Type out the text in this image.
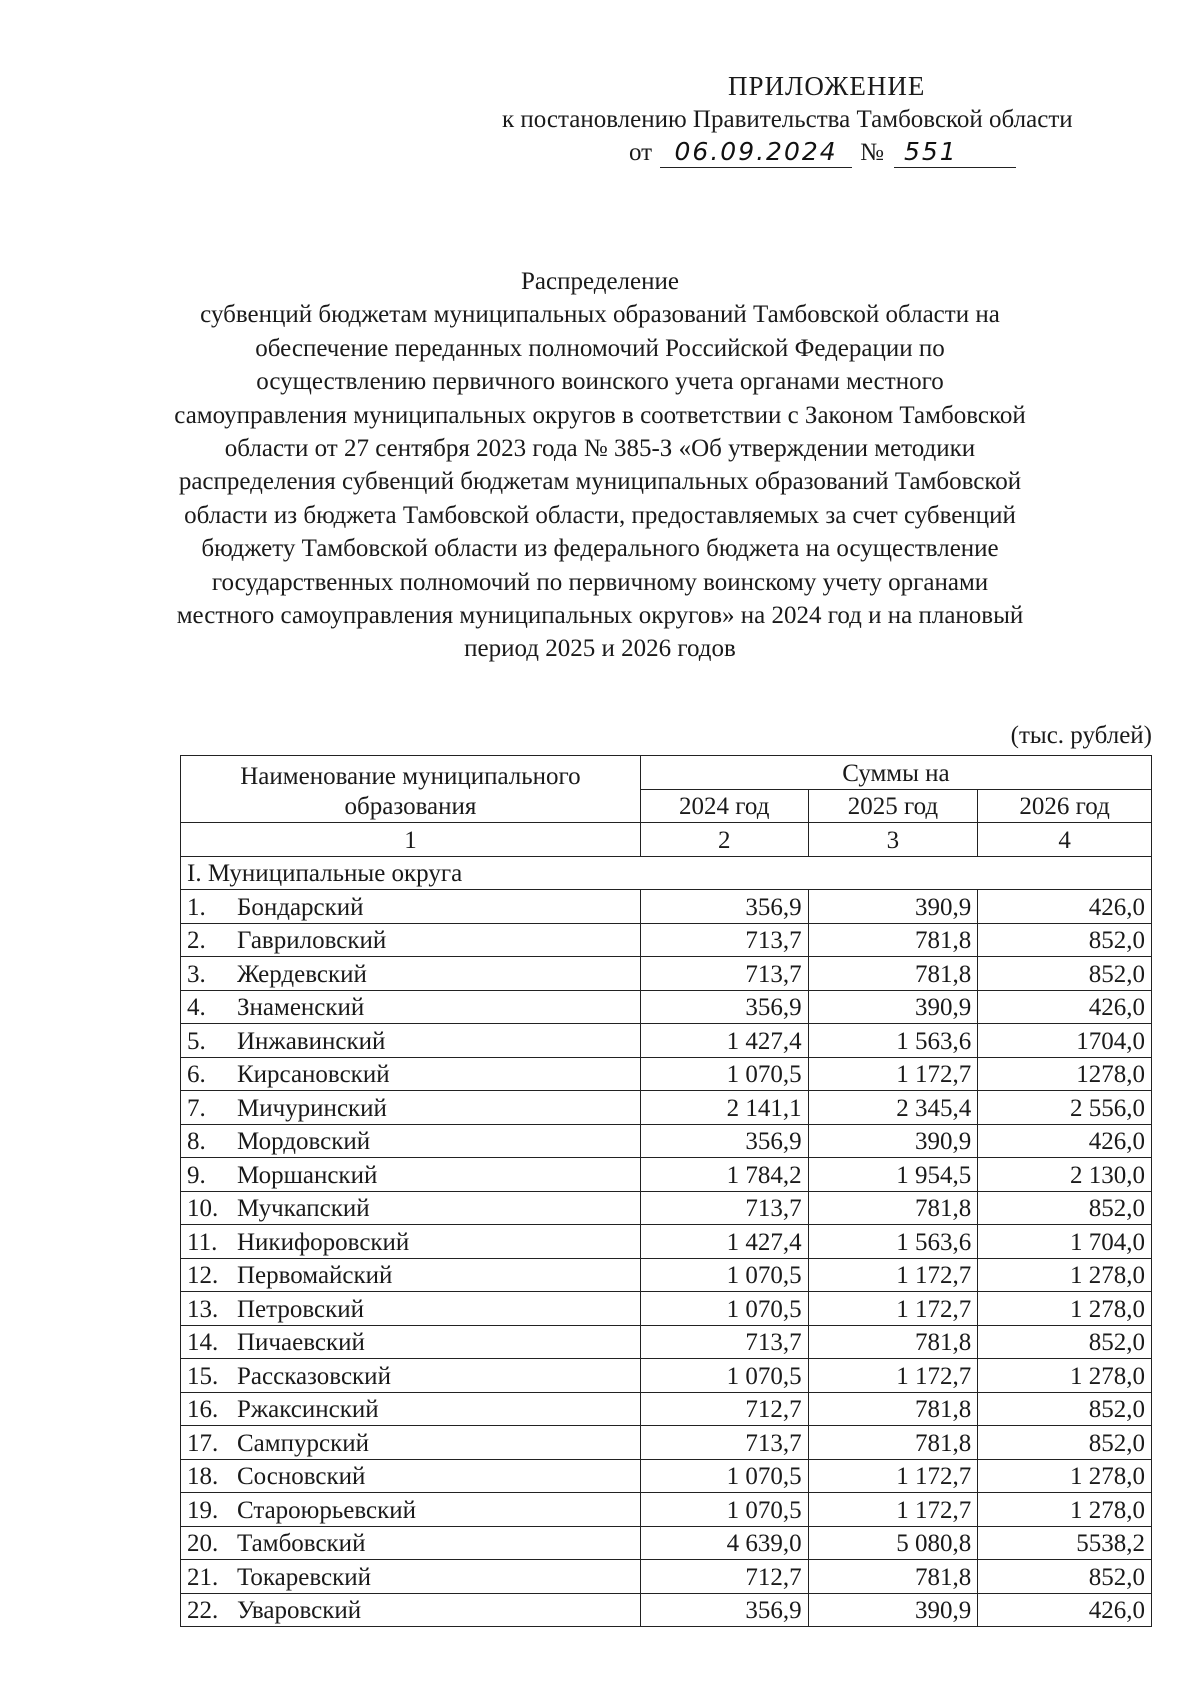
ПРИЛОЖЕНИЕ
к постановлению Правительства Тамбовской области
от 06.09.2024 № 551
Распределение
субвенций бюджетам муниципальных образований Тамбовской области на
обеспечение переданных полномочий Российской Федерации по
осуществлению первичного воинского учета органами местного
самоуправления муниципальных округов в соответствии с Законом Тамбовской
области от 27 сентября 2023 года № 385-З «Об утверждении методики
распределения субвенций бюджетам муниципальных образований Тамбовской
области из бюджета Тамбовской области, предоставляемых за счет субвенций
бюджету Тамбовской области из федерального бюджета на осуществление
государственных полномочий по первичному воинскому учету органами
местного самоуправления муниципальных округов» на 2024 год и на плановый
период 2025 и 2026 годов
(тыс. рублей)
Наименование муниципального образования	Суммы на		
	2024 год	2025 год	2026 год
1	2	3	4
I. Муниципальные округа			
1. Бондарский	356,9	390,9	426,0
2. Гавриловский	713,7	781,8	852,0
3. Жердевский	713,7	781,8	852,0
4. Знаменский	356,9	390,9	426,0
5. Инжавинский	1 427,4	1 563,6	1704,0
6. Кирсановский	1 070,5	1 172,7	1278,0
7. Мичуринский	2 141,1	2 345,4	2 556,0
8. Мордовский	356,9	390,9	426,0
9. Моршанский	1 784,2	1 954,5	2 130,0
10. Мучкапский	713,7	781,8	852,0
11. Никифоровский	1 427,4	1 563,6	1 704,0
12. Первомайский	1 070,5	1 172,7	1 278,0
13. Петровский	1 070,5	1 172,7	1 278,0
14. Пичаевский	713,7	781,8	852,0
15. Рассказовский	1 070,5	1 172,7	1 278,0
16. Ржаксинский	712,7	781,8	852,0
17. Сампурский	713,7	781,8	852,0
18. Сосновский	1 070,5	1 172,7	1 278,0
19. Староюрьевский	1 070,5	1 172,7	1 278,0
20. Тамбовский	4 639,0	5 080,8	5538,2
21. Токаревский	712,7	781,8	852,0
22. Уваровский	356,9	390,9	426,0
